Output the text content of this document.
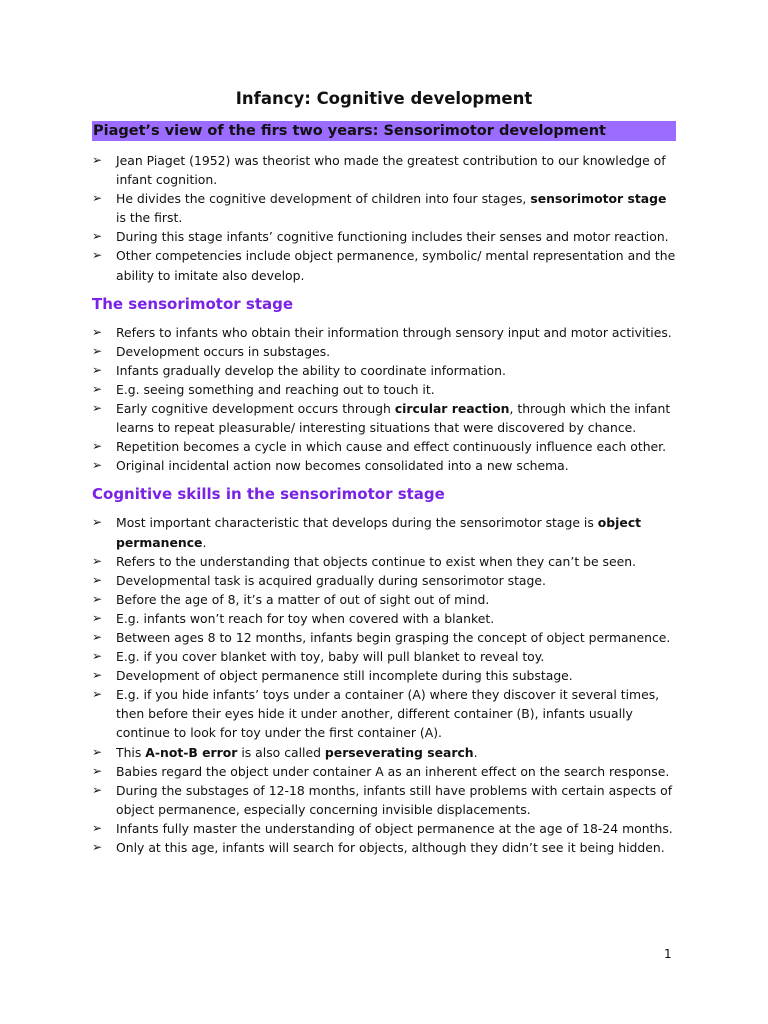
Infancy: Cognitive development
Piaget’s view of the firs two years: Sensorimotor development
➢ Jean Piaget (1952) was theorist who made the greatest contribution to our knowledge of infant cognition.
➢ He divides the cognitive development of children into four stages, sensorimotor stage is the first.
➢ During this stage infants’ cognitive functioning includes their senses and motor reaction.
➢ Other competencies include object permanence, symbolic/ mental representation and the ability to imitate also develop.
The sensorimotor stage
➢ Refers to infants who obtain their information through sensory input and motor activities.
➢ Development occurs in substages.
➢ Infants gradually develop the ability to coordinate information.
➢ E.g. seeing something and reaching out to touch it.
➢ Early cognitive development occurs through circular reaction, through which the infant learns to repeat pleasurable/ interesting situations that were discovered by chance.
➢ Repetition becomes a cycle in which cause and effect continuously influence each other.
➢ Original incidental action now becomes consolidated into a new schema.
Cognitive skills in the sensorimotor stage
➢ Most important characteristic that develops during the sensorimotor stage is object permanence.
➢ Refers to the understanding that objects continue to exist when they can’t be seen.
➢ Developmental task is acquired gradually during sensorimotor stage.
➢ Before the age of 8, it’s a matter of out of sight out of mind.
➢ E.g. infants won’t reach for toy when covered with a blanket.
➢ Between ages 8 to 12 months, infants begin grasping the concept of object permanence.
➢ E.g. if you cover blanket with toy, baby will pull blanket to reveal toy.
➢ Development of object permanence still incomplete during this substage.
➢ E.g. if you hide infants’ toys under a container (A) where they discover it several times, then before their eyes hide it under another, different container (B), infants usually continue to look for toy under the first container (A).
➢ This A-not-B error is also called perseverating search.
➢ Babies regard the object under container A as an inherent effect on the search response.
➢ During the substages of 12-18 months, infants still have problems with certain aspects of object permanence, especially concerning invisible displacements.
➢ Infants fully master the understanding of object permanence at the age of 18-24 months.
➢ Only at this age, infants will search for objects, although they didn’t see it being hidden.
1
